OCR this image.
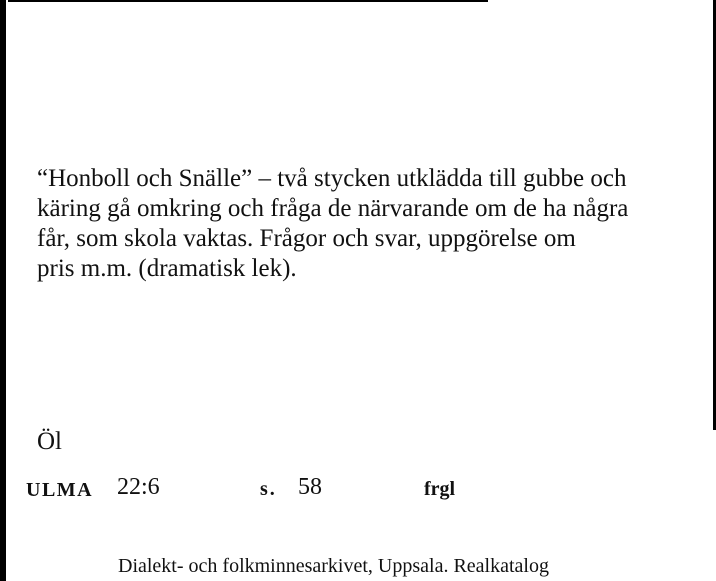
“Honboll och Snälle” – två stycken utklädda till gubbe och
käring gå omkring och fråga de närvarande om de ha några
får, som skola vaktas. Frågor och svar, uppgörelse om
pris m.m. (dramatisk lek).

Öl
ULMA 22:6	s. 58	frgl
Dialekt- och folkminnesarkivet, Uppsala. Realkatalog
